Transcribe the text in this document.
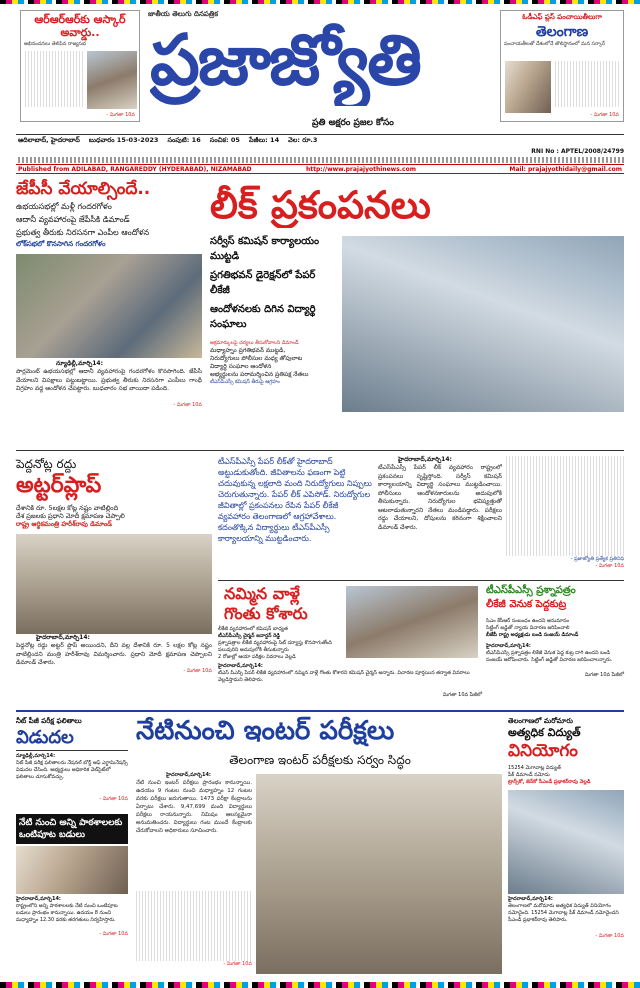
ఆర్ఆర్ఆర్‌కు ఆస్కార్ అవార్డు..
అభినందనలు తెలిపిన రాజ్యసభ
- మిగతా 10వ
జాతీయ తెలుగు దినపత్రిక
ప్రజాజ్యోతి
ప్రతి అక్షరం ప్రజల కోసం
ఓడీఎఫ్ ప్లస్ పంచాయితీలుగా
తెలంగాణ
పంచాయతీలతో దేశంలోనే తొలిస్థానంలో మన సర్కార్
- మిగతా 10వ
ఆదిలాబాద్, హైదరాబాద్    బుధవారం 15-03-2023    సంపుటి: 16    సంచిక: 05    పేజీలు: 14    వెల: రూ.3
RNI No : APTEL/2008/24799
Published from ADILABAD, RANGAREDDY (HYDERABAD), NIZAMABAD	http://www.prajajyothinews.com	Mail: prajajyothidaily@gmail.com
జేపీసీ వేయాల్సిందే..
ఉభయసభల్లో మళ్లీ గందరగోళం
ఆదానీ వ్యవహారంపై జేపీసీకి డిమాండ్
ప్రభుత్వ తీరుకు నిరసనగా ఎంపీల ఆందోళన
లోక్‌సభలో కొనసాగిన గందరగోళం
న్యూఢిల్లీ,మార్చి14:
పార్లమెంట్ ఉభయసభల్లో ఆదానీ వ్యవహారంపై గందరగోళం కొనసాగింది. జేపీసీ వేయాలని విపక్షాలు పట్టుబట్టాయి. ప్రభుత్వ తీరుకు నిరసనగా ఎంపీలు గాంధీ విగ్రహం వద్ద ఆందోళన చేపట్టారు. బుధవారం సభ వాయిదా పడింది.
- మిగతా 10వ
లీక్ ప్రకంపనలు
సర్వీస్ కమిషన్ కార్యాలయం ముట్టడి
ప్రగతిభవన్ డైరెక్షన్‌లో పేపర్ లీకేజీ
ఆందోళనలకు దిగిన విద్యార్థి సంఘాలు
అక్రమార్కులపై చర్యలు తీసుకోవాలని డిమాండ్
మధ్యాహ్నం ప్రగతిభవన్ ముట్టడి,
నిరుద్యోగులు పోలీసుల మధ్య తోపులాట
విద్యార్థి సంఘాల ఆందోళన
అభ్యర్థులను పరామర్శించిన ప్రతిపక్ష నేతలు
టీఎస్‌పీఎస్సీ కమిషన్ తీరుపై ఆగ్రహం
పెద్దనోట్ల రద్దు
అట్టర్‌ప్లాప్
దేశానికి రూ. 5లక్షల కోట్ల నష్టం వాటిల్లింది
దేశ ప్రజలకు ప్రధాని మోదీ క్షమాపణ చెప్పాలి
రాష్ట్ర ఆర్థికమంత్రి హరీశ్‌రావు డిమాండ్
హైదరాబాద్,మార్చి14:
పెద్దనోట్ల రద్దు అట్టర్ ఫ్లాప్ అయిందని, దీని వల్ల దేశానికి రూ. 5 లక్షల కోట్ల నష్టం వాటిల్లిందని మంత్రి హరీశ్‌రావు విమర్శించారు. ప్రధాని మోదీ క్షమాపణ చెప్పాలని డిమాండ్ చేశారు.
- మిగతా 10వ
టీఎస్‌పీఎస్సీ పేపర్ లీక్‌తో హైదరాబాద్ అట్టుడుకుతోంది. జీవితాలను ఫణంగా పెట్టి చదువుకున్న లక్షలాది మంది నిరుద్యోగులు నిప్పులు చెరుగుతున్నారు. పేపర్ లీక్ ఎపిసోడ్. నిరుద్యోగుల జీవితాల్లో ప్రకంపనలు రేపిన పేపర్ లీకేజీ వ్యవహారం తెలంగాణలో ఆగ్రహావేశాలు. కదంతొక్కిన విద్యార్థులు టీఎస్‌పీఎస్సీ కార్యాలయాన్ని ముట్టడించారు.
హైదరాబాద్,మార్చి14:
టీఎస్‌పీఎస్సీ పేపర్ లీక్ వ్యవహారం రాష్ట్రంలో ప్రకంపనలు సృష్టిస్తోంది. సర్వీస్ కమిషన్ కార్యాలయాన్ని విద్యార్థి సంఘాలు ముట్టడించాయి. పోలీసులు ఆందోళనకారులను అదుపులోకి తీసుకున్నారు. నిరుద్యోగుల భవిష్యత్తుతో ఆటలాడుతున్నారని నేతలు మండిపడ్డారు. పరీక్షలు రద్దు చేయాలని, దోషులను కఠినంగా శిక్షించాలని డిమాండ్ చేశారు.
- ప్రజాజ్యోతి ప్రత్యేక ప్రతినిధి
- మిగతా 10వ
నమ్మిన వాళ్లే
గొంతు కోశారు
లీకేజీ వ్యవహారంలో కమిషన్ బాధ్యత
టీఎస్‌పీఎస్సీ చైర్మన్ జనార్దన్ రెడ్డి
ప్రశ్నాపత్రాల లీకేజీ వ్యవహారంపై సిట్ దర్యాప్తు కొనసాగుతోంది
పలువురిని అదుపులోకి తీసుకున్నారు
2 రోజుల్లో ఆయా పరీక్షల వివరాలు వెల్లడి
హైదరాబాద్,మార్చి14:
టీఎస్ పీఎస్సీ పేపర్ లీకేజీ వ్యవహారంలో నమ్మిన వాళ్లే గొంతు కోశారని కమిషన్ చైర్మన్ అన్నారు. విచారణ పూర్తయిన తర్వాత వివరాలు వెల్లడిస్తామని తెలిపారు.
మిగతా 10వ పేజీలో
టీఎస్‌పీఎస్సీ ప్రశ్నాపత్రం
లీకేజీ వెనుక పెద్దకుట్ర
సిఎం కేసీఆర్ సంబంధం ఉందని అనుమానం
సిట్టింగ్ జడ్జితో న్యాయ విచారణ జరిపించాలి
బీజేపీ రాష్ట్ర అధ్యక్షుడు బండి సంజయ్ డిమాండ్
హైదరాబాద్,మార్చి14:
టీఎస్‌పీఎస్సీ ప్రశ్నాపత్రం లీకేజీ వెనుక పెద్ద కుట్ర దాగి ఉందని బండి సంజయ్ ఆరోపించారు. సిట్టింగ్ జడ్జితో విచారణ జరిపించాలన్నారు.
మిగతా 10వ పేజీలో
నీట్ పీజీ పరీక్ష ఫలితాలు
విడుదల
న్యూఢిల్లీ,మార్చి14:
నీట్ పీజీ పరీక్ష ఫలితాలను నేషనల్ బోర్డ్ ఆఫ్ ఎగ్జామినేషన్స్ విడుదల చేసింది. అభ్యర్థులు అధికారిక వెబ్‌సైట్‌లో ఫలితాలు చూసుకోవచ్చు.
- మిగతా 10వ
నేటి నుంచి అన్ని పాఠశాలలకు ఒంటిపూట బడులు
హైదరాబాద్,మార్చి14:
రాష్ట్రంలోని అన్ని పాఠశాలలకు నేటి నుంచి ఒంటిపూట బడులు ప్రారంభం కానున్నాయి. ఉదయం 8 నుంచి మధ్యాహ్నం 12.30 వరకు తరగతులు నిర్వహిస్తారు.
- మిగతా 10వ
నేటినుంచి ఇంటర్ పరీక్షలు
తెలంగాణ ఇంటర్ పరీక్షలకు సర్వం సిద్ధం
హైదరాబాద్,మార్చి14:
నేటి నుంచి ఇంటర్ పరీక్షలు ప్రారంభం కానున్నాయి. ఉదయం 9 గంటల నుంచి మధ్యాహ్నం 12 గంటల వరకు పరీక్షలు జరుగుతాయి. 1473 పరీక్షా కేంద్రాలను ఏర్పాటు చేశారు. 9,47,699 మంది విద్యార్థులు పరీక్షలు రాయనున్నారు. నిమిషం ఆలస్యమైనా అనుమతించరు. విద్యార్థులు గంట ముందే కేంద్రాలకు చేరుకోవాలని అధికారులు సూచించారు.
- మిగతా 10వ
తెలంగాణలో మరోమారు
అత్యధిక విద్యుత్
వినియోగం
15254 మెగావాట్ల విద్యుత్
పీక్ డిమాండ్ నమోదు
ట్రాన్స్‌కో, జెన్‌కో సీఎండీ ప్రభాకర్‌రావు వెల్లడి
హైదరాబాద్,మార్చి14:
తెలంగాణలో మరోమారు అత్యధిక విద్యుత్ వినియోగం నమోదైంది. 15254 మెగావాట్ల పీక్ డిమాండ్ నమోదైందని సీఎండీ ప్రభాకర్‌రావు తెలిపారు.
- మిగతా 10వ
